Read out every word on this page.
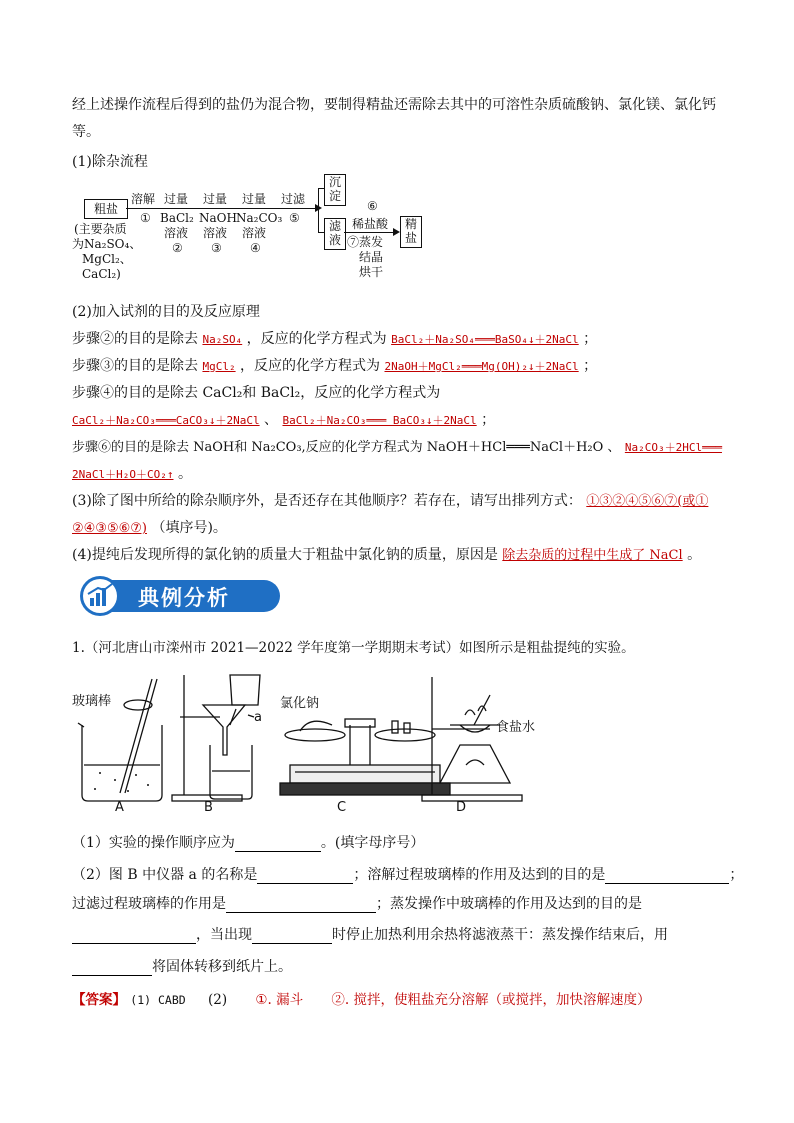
经上述操作流程后得到的盐仍为混合物，要制得精盐还需除去其中的可溶性杂质硫酸钠、氯化镁、氯化钙
等。
(1)除杂流程
粗盐
(主要杂质
为Na₂SO₄、
MgCl₂、
CaCl₂)
溶解
①
过量
BaCl₂
溶液
②
过量
NaOH
溶液
③
过量
Na₂CO₃
溶液
④
过滤
⑤
沉
淀
滤
液
⑥
稀盐酸
⑦蒸发
结晶
烘干
精
盐
(2)加入试剂的目的及反应原理
步骤②的目的是除去 Na₂SO₄ ，反应的化学方程式为 BaCl₂＋Na₂SO₄═══BaSO₄↓＋2NaCl ；
步骤③的目的是除去 MgCl₂ ，反应的化学方程式为 2NaOH＋MgCl₂═══Mg(OH)₂↓＋2NaCl ；
步骤④的目的是除去 CaCl₂和 BaCl₂，反应的化学方程式为
CaCl₂＋Na₂CO₃═══CaCO₃↓＋2NaCl 、 BaCl₂＋Na₂CO₃═══ BaCO₃↓＋2NaCl ；
步骤⑥的目的是除去 NaOH和 Na₂CO₃,反应的化学方程式为 NaOH＋HCl═══NaCl＋H₂O 、 Na₂CO₃＋2HCl═══
2NaCl＋H₂O＋CO₂↑ 。
(3)除了图中所给的除杂顺序外，是否还存在其他顺序？若存在，请写出排列方式： ①③②④⑤⑥⑦(或①
②④③⑤⑥⑦) （填序号)。
(4)提纯后发现所得的氯化钠的质量大于粗盐中氯化钠的质量，原因是 除去杂质的过程中生成了 NaCl 。
典例分析
1.（河北唐山市滦州市 2021—2022 学年度第一学期期末考试）如图所示是粗盐提纯的实验。
玻璃棒
a
氯化钠
食盐水
A	B	C	D
（1）实验的操作顺序应为	。(填字母序号）
（2）图 B 中仪器 a 的名称是	；溶解过程玻璃棒的作用及达到的目的是	；
过滤过程玻璃棒的作用是	；蒸发操作中玻璃棒的作用及达到的目的是
，当出现	时停止加热利用余热将滤液蒸干：蒸发操作结束后，用
将固体转移到纸片上。
【答案】 (1) CABD (2) ①. 漏斗 ②. 搅拌，使粗盐充分溶解（或搅拌，加快溶解速度）
